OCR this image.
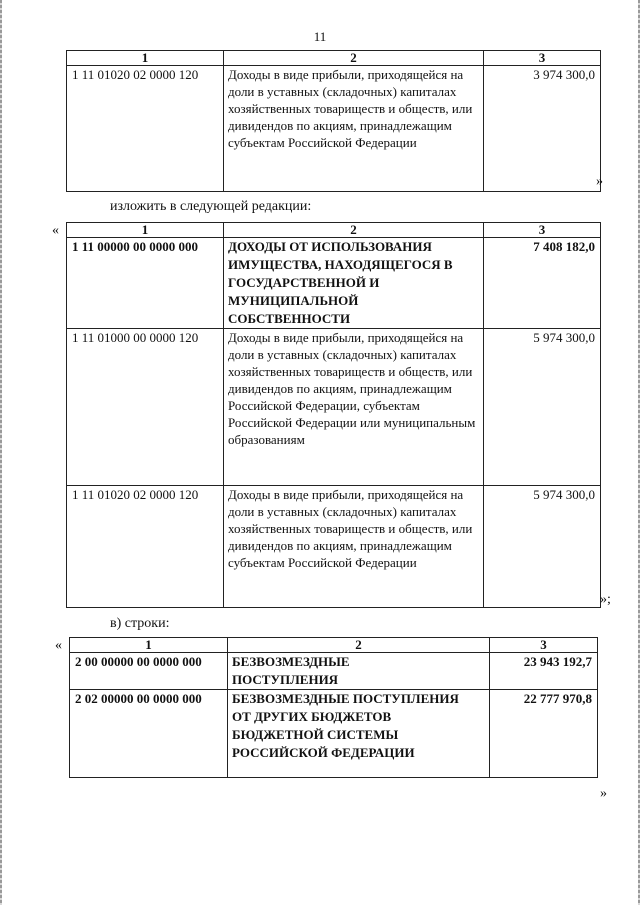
11
1	2	3
1 11 01020 02 0000 120	Доходы в виде прибыли, приходящейся на доли в уставных (складочных) капиталах хозяйственных товариществ и обществ, или дивидендов по акциям, принадлежащим субъектам Российской Федерации	3 974 300,0
»
изложить в следующей редакции:
«	1	2	3
1 11 00000 00 0000 000	ДОХОДЫ ОТ ИСПОЛЬЗОВАНИЯ ИМУЩЕСТВА, НАХОДЯЩЕГОСЯ В ГОСУДАРСТВЕННОЙ И МУНИЦИПАЛЬНОЙ СОБСТВЕННОСТИ	7 408 182,0
1 11 01000 00 0000 120	Доходы в виде прибыли, приходящейся на доли в уставных (складочных) капиталах хозяйственных товариществ и обществ, или дивидендов по акциям, принадлежащим Российской Федерации, субъектам Российской Федерации или муниципальным образованиям	5 974 300,0
1 11 01020 02 0000 120	Доходы в виде прибыли, приходящейся на доли в уставных (складочных) капиталах хозяйственных товариществ и обществ, или дивидендов по акциям, принадлежащим субъектам Российской Федерации	5 974 300,0
»;
в) строки:
«	1	2	3
2 00 00000 00 0000 000	БЕЗВОЗМЕЗДНЫЕ ПОСТУПЛЕНИЯ	23 943 192,7
2 02 00000 00 0000 000	БЕЗВОЗМЕЗДНЫЕ ПОСТУПЛЕНИЯ ОТ ДРУГИХ БЮДЖЕТОВ БЮДЖЕТНОЙ СИСТЕМЫ РОССИЙСКОЙ ФЕДЕРАЦИИ	22 777 970,8
»
